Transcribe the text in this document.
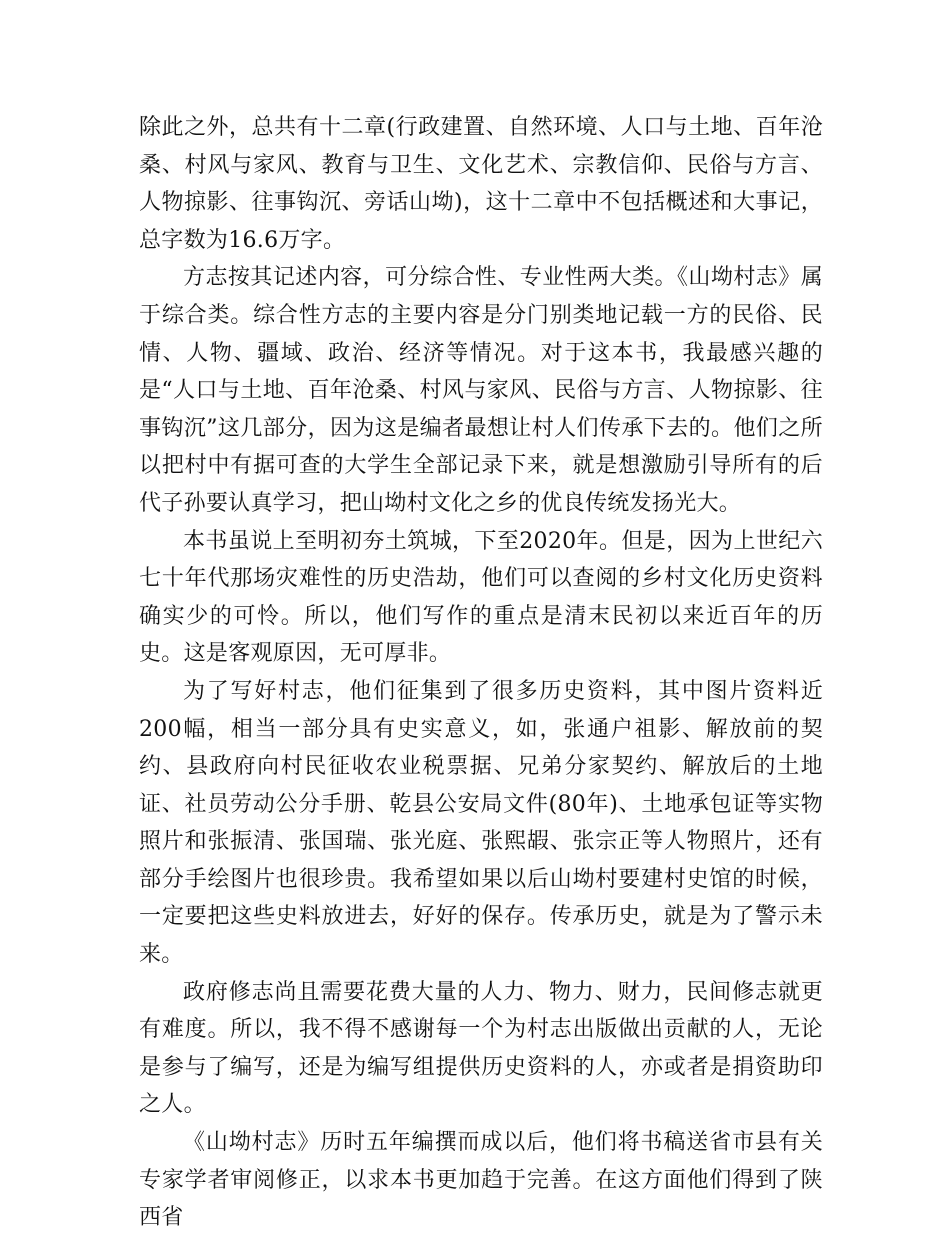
除此之外，总共有十二章(行政建置、自然环境、人口与土地、百年沧桑、村风与家风、教育与卫生、文化艺术、宗教信仰、民俗与方言、人物掠影、往事钩沉、旁话山坳)，这十二章中不包括概述和大事记，总字数为16.6万字。

方志按其记述内容，可分综合性、专业性两大类。《山坳村志》属于综合类。综合性方志的主要内容是分门别类地记载一方的民俗、民情、人物、疆域、政治、经济等情况。对于这本书，我最感兴趣的是“人口与土地、百年沧桑、村风与家风、民俗与方言、人物掠影、往事钩沉”这几部分，因为这是编者最想让村人们传承下去的。他们之所以把村中有据可查的大学生全部记录下来，就是想激励引导所有的后代子孙要认真学习，把山坳村文化之乡的优良传统发扬光大。

本书虽说上至明初夯土筑城，下至2020年。但是，因为上世纪六七十年代那场灾难性的历史浩劫，他们可以查阅的乡村文化历史资料确实少的可怜。所以，他们写作的重点是清末民初以来近百年的历史。这是客观原因，无可厚非。

为了写好村志，他们征集到了很多历史资料，其中图片资料近200幅，相当一部分具有史实意义，如，张通户祖影、解放前的契约、县政府向村民征收农业税票据、兄弟分家契约、解放后的土地证、社员劳动公分手册、乾县公安局文件(80年)、土地承包证等实物照片和张振清、张国瑞、张光庭、张熙嘏、张宗正等人物照片，还有部分手绘图片也很珍贵。我希望如果以后山坳村要建村史馆的时候，一定要把这些史料放进去，好好的保存。传承历史，就是为了警示未来。

政府修志尚且需要花费大量的人力、物力、财力，民间修志就更有难度。所以，我不得不感谢每一个为村志出版做出贡献的人，无论是参与了编写，还是为编写组提供历史资料的人，亦或者是捐资助印之人。

《山坳村志》历时五年编撰而成以后，他们将书稿送省市县有关专家学者审阅修正，以求本书更加趋于完善。在这方面他们得到了陕西省
